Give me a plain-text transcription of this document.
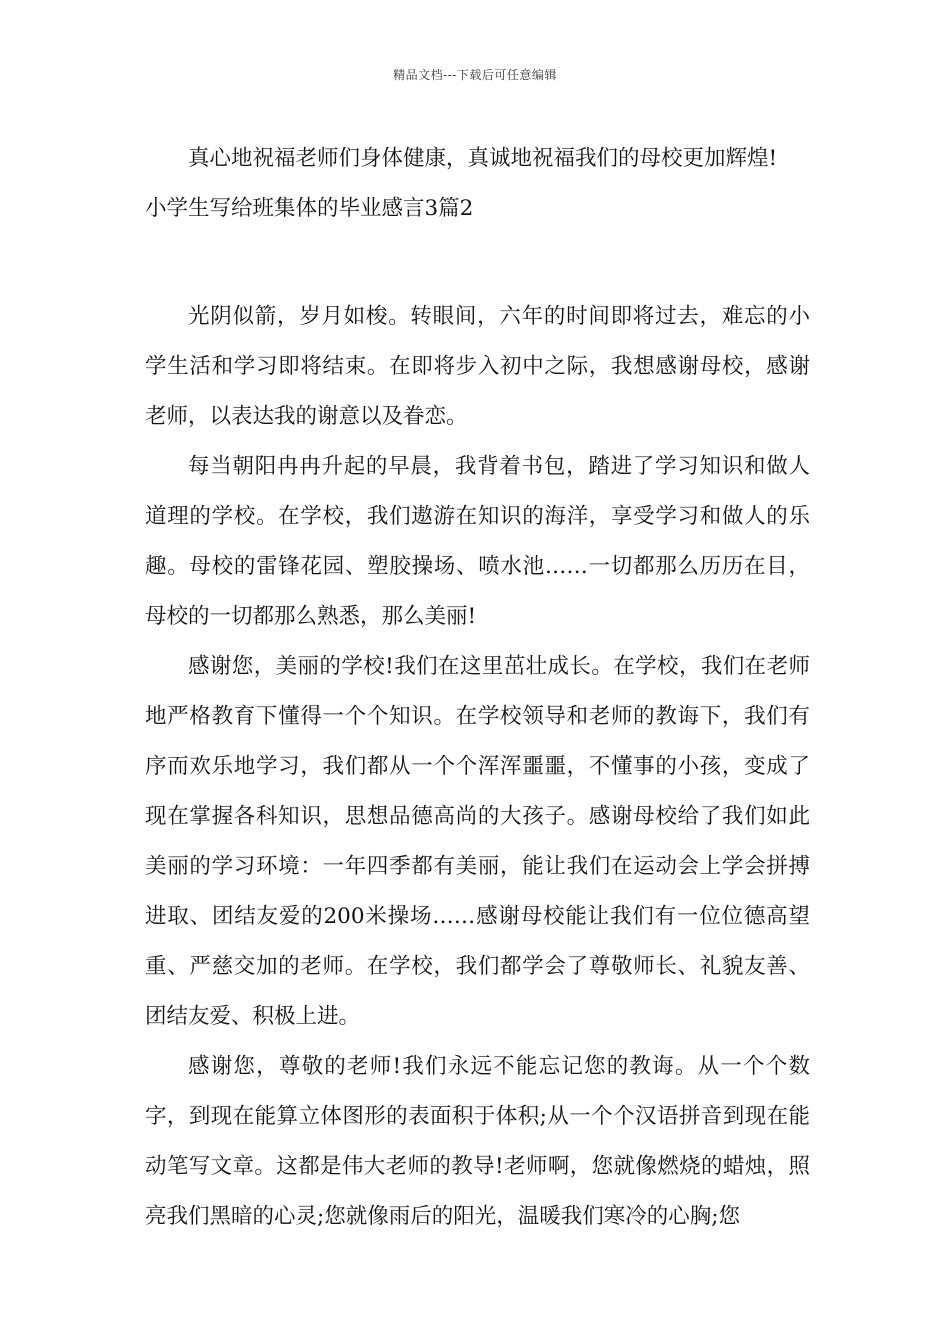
精品文档---下载后可任意编辑

真心地祝福老师们身体健康，真诚地祝福我们的母校更加辉煌!

小学生写给班集体的毕业感言3篇2

光阴似箭，岁月如梭。转眼间，六年的时间即将过去，难忘的小学生活和学习即将结束。在即将步入初中之际，我想感谢母校，感谢老师，以表达我的谢意以及眷恋。

每当朝阳冉冉升起的早晨，我背着书包，踏进了学习知识和做人道理的学校。在学校，我们遨游在知识的海洋，享受学习和做人的乐趣。母校的雷锋花园、塑胶操场、喷水池……一切都那么历历在目，母校的一切都那么熟悉，那么美丽!

感谢您，美丽的学校!我们在这里茁壮成长。在学校，我们在老师地严格教育下懂得一个个知识。在学校领导和老师的教诲下，我们有序而欢乐地学习，我们都从一个个浑浑噩噩，不懂事的小孩，变成了现在掌握各科知识，思想品德高尚的大孩子。感谢母校给了我们如此美丽的学习环境：一年四季都有美丽，能让我们在运动会上学会拼搏进取、团结友爱的200米操场……感谢母校能让我们有一位位德高望重、严慈交加的老师。在学校，我们都学会了尊敬师长、礼貌友善、团结友爱、积极上进。

感谢您，尊敬的老师!我们永远不能忘记您的教诲。从一个个数字，到现在能算立体图形的表面积于体积;从一个个汉语拼音到现在能动笔写文章。这都是伟大老师的教导!老师啊，您就像燃烧的蜡烛，照亮我们黑暗的心灵;您就像雨后的阳光，温暖我们寒冷的心胸;您
